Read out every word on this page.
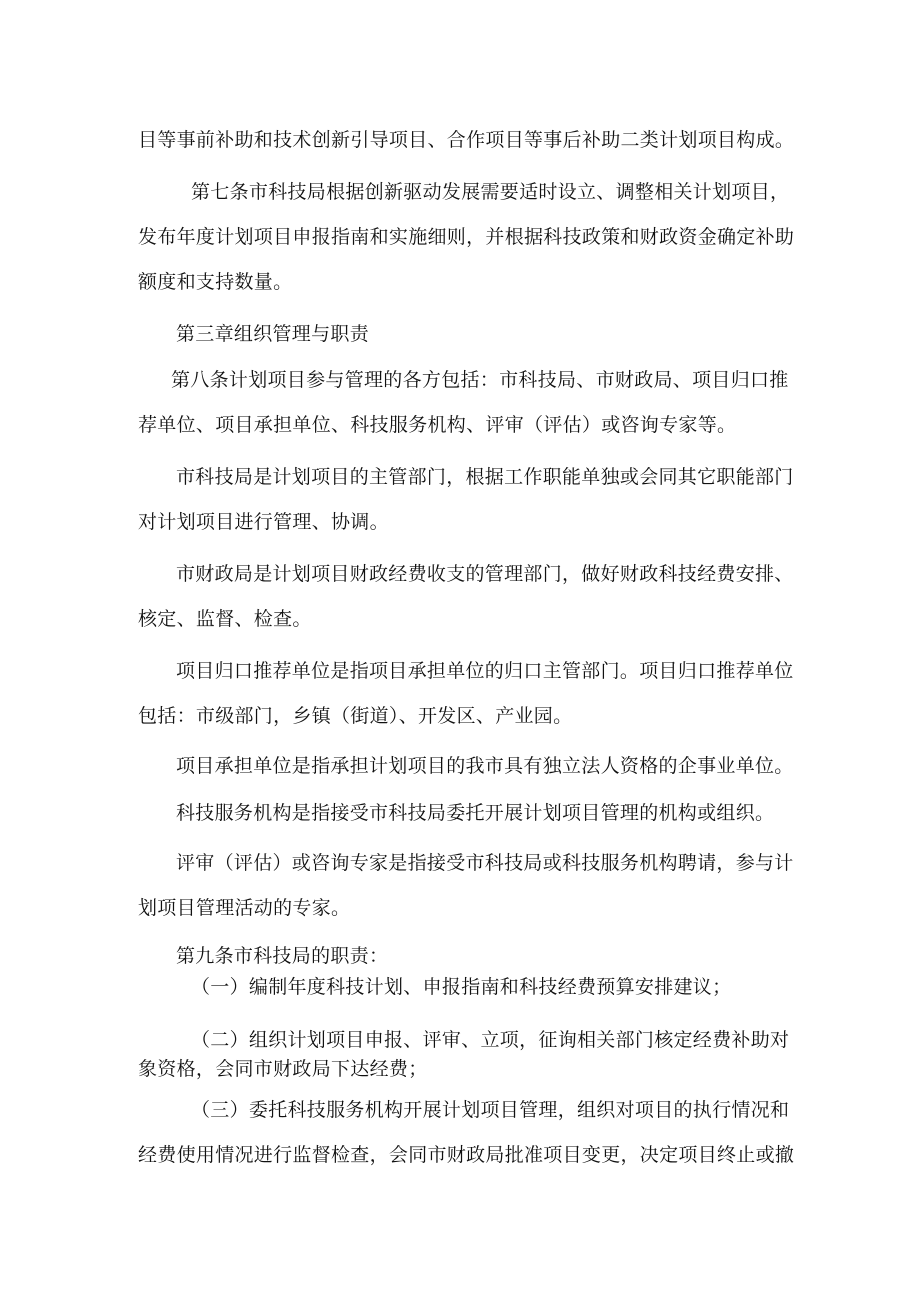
目等事前补助和技术创新引导项目、合作项目等事后补助二类计划项目构成。
第七条市科技局根据创新驱动发展需要适时设立、调整相关计划项目，
发布年度计划项目申报指南和实施细则，并根据科技政策和财政资金确定补助
额度和支持数量。
第三章组织管理与职责
第八条计划项目参与管理的各方包括：市科技局、市财政局、项目归口推
荐单位、项目承担单位、科技服务机构、评审（评估）或咨询专家等。
市科技局是计划项目的主管部门，根据工作职能单独或会同其它职能部门
对计划项目进行管理、协调。
市财政局是计划项目财政经费收支的管理部门，做好财政科技经费安排、
核定、监督、检查。
项目归口推荐单位是指项目承担单位的归口主管部门。项目归口推荐单位
包括：市级部门，乡镇（街道）、开发区、产业园。
项目承担单位是指承担计划项目的我市具有独立法人资格的企事业单位。
科技服务机构是指接受市科技局委托开展计划项目管理的机构或组织。
评审（评估）或咨询专家是指接受市科技局或科技服务机构聘请，参与计
划项目管理活动的专家。
第九条市科技局的职责：
（一）编制年度科技计划、申报指南和科技经费预算安排建议；
（二）组织计划项目申报、评审、立项，征询相关部门核定经费补助对
象资格，会同市财政局下达经费；
（三）委托科技服务机构开展计划项目管理，组织对项目的执行情况和
经费使用情况进行监督检查，会同市财政局批准项目变更，决定项目终止或撤
